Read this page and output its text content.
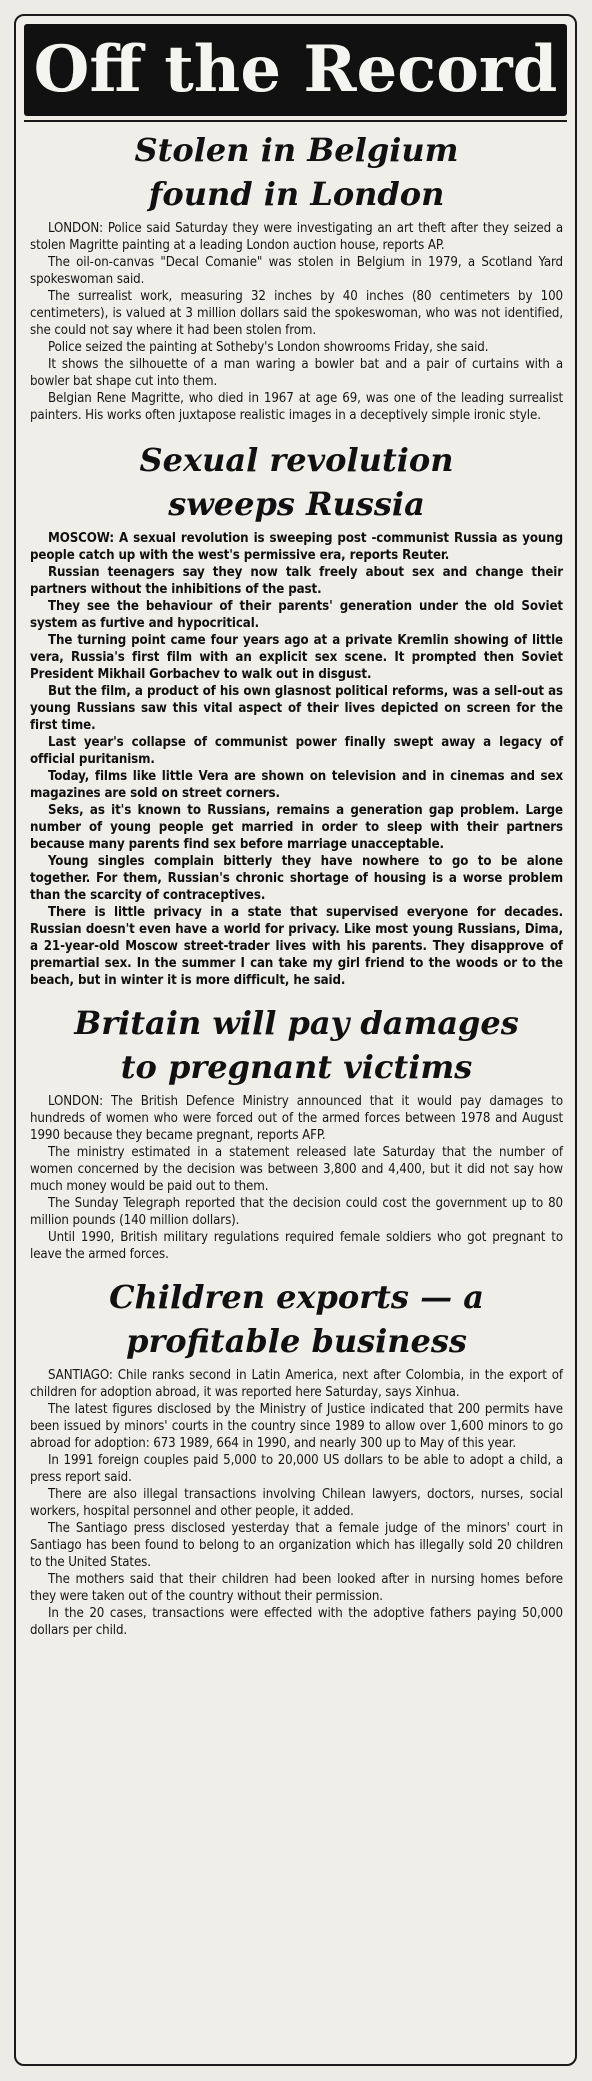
Off the Record
Stolen in Belgium
found in London

LONDON: Police said Saturday they were investigating an art theft after they seized a stolen Magritte painting at a leading London auction house, reports AP.

The oil-on-canvas "Decal Comanie" was stolen in Belgium in 1979, a Scotland Yard spokeswoman said.

The surrealist work, measuring 32 inches by 40 inches (80 centimeters by 100 centimeters), is valued at 3 million dollars said the spokeswoman, who was not identified, she could not say where it had been stolen from.

Police seized the painting at Sotheby's London showrooms Friday, she said.

It shows the silhouette of a man waring a bowler bat and a pair of curtains with a bowler bat shape cut into them.

Belgian Rene Magritte, who died in 1967 at age 69, was one of the leading surrealist painters. His works often juxtapose realistic images in a deceptively simple ironic style.

Sexual revolution
sweeps Russia

MOSCOW: A sexual revolution is sweeping post -communist Russia as young people catch up with the west's permissive era, reports Reuter.

Russian teenagers say they now talk freely about sex and change their partners without the inhibitions of the past.

They see the behaviour of their parents' generation under the old Soviet system as furtive and hypocritical.

The turning point came four years ago at a private Kremlin showing of little vera, Russia's first film with an explicit sex scene. It prompted then Soviet President Mikhail Gorbachev to walk out in disgust.

But the film, a product of his own glasnost political reforms, was a sell-out as young Russians saw this vital aspect of their lives depicted on screen for the first time.

Last year's collapse of communist power finally swept away a legacy of official puritanism.

Today, films like little Vera are shown on television and in cinemas and sex magazines are sold on street corners.

Seks, as it's known to Russians, remains a generation gap problem. Large number of young people get married in order to sleep with their partners because many parents find sex before marriage unacceptable.

Young singles complain bitterly they have nowhere to go to be alone together. For them, Russian's chronic shortage of housing is a worse problem than the scarcity of contraceptives.

There is little privacy in a state that supervised everyone for decades. Russian doesn't even have a world for privacy. Like most young Russians, Dima, a 21-year-old Moscow street-trader lives with his parents. They disapprove of premartial sex. In the summer I can take my girl friend to the woods or to the beach, but in winter it is more difficult, he said.

Britain will pay damages
to pregnant victims

LONDON: The British Defence Ministry announced that it would pay damages to hundreds of women who were forced out of the armed forces between 1978 and August 1990 because they became pregnant, reports AFP.

The ministry estimated in a statement released late Saturday that the number of women concerned by the decision was between 3,800 and 4,400, but it did not say how much money would be paid out to them.

The Sunday Telegraph reported that the decision could cost the government up to 80 million pounds (140 million dollars).

Until 1990, British military regulations required female soldiers who got pregnant to leave the armed forces.

Children exports — a
profitable business

SANTIAGO: Chile ranks second in Latin America, next after Colombia, in the export of children for adoption abroad, it was reported here Saturday, says Xinhua.

The latest figures disclosed by the Ministry of Justice indicated that 200 permits have been issued by minors' courts in the country since 1989 to allow over 1,600 minors to go abroad for adoption: 673 1989, 664 in 1990, and nearly 300 up to May of this year.

In 1991 foreign couples paid 5,000 to 20,000 US dollars to be able to adopt a child, a press report said.

There are also illegal transactions involving Chilean lawyers, doctors, nurses, social workers, hospital personnel and other people, it added.

The Santiago press disclosed yesterday that a female judge of the minors' court in Santiago has been found to belong to an organization which has illegally sold 20 children to the United States.

The mothers said that their children had been looked after in nursing homes before they were taken out of the country without their permission.

In the 20 cases, transactions were effected with the adoptive fathers paying 50,000 dollars per child.
